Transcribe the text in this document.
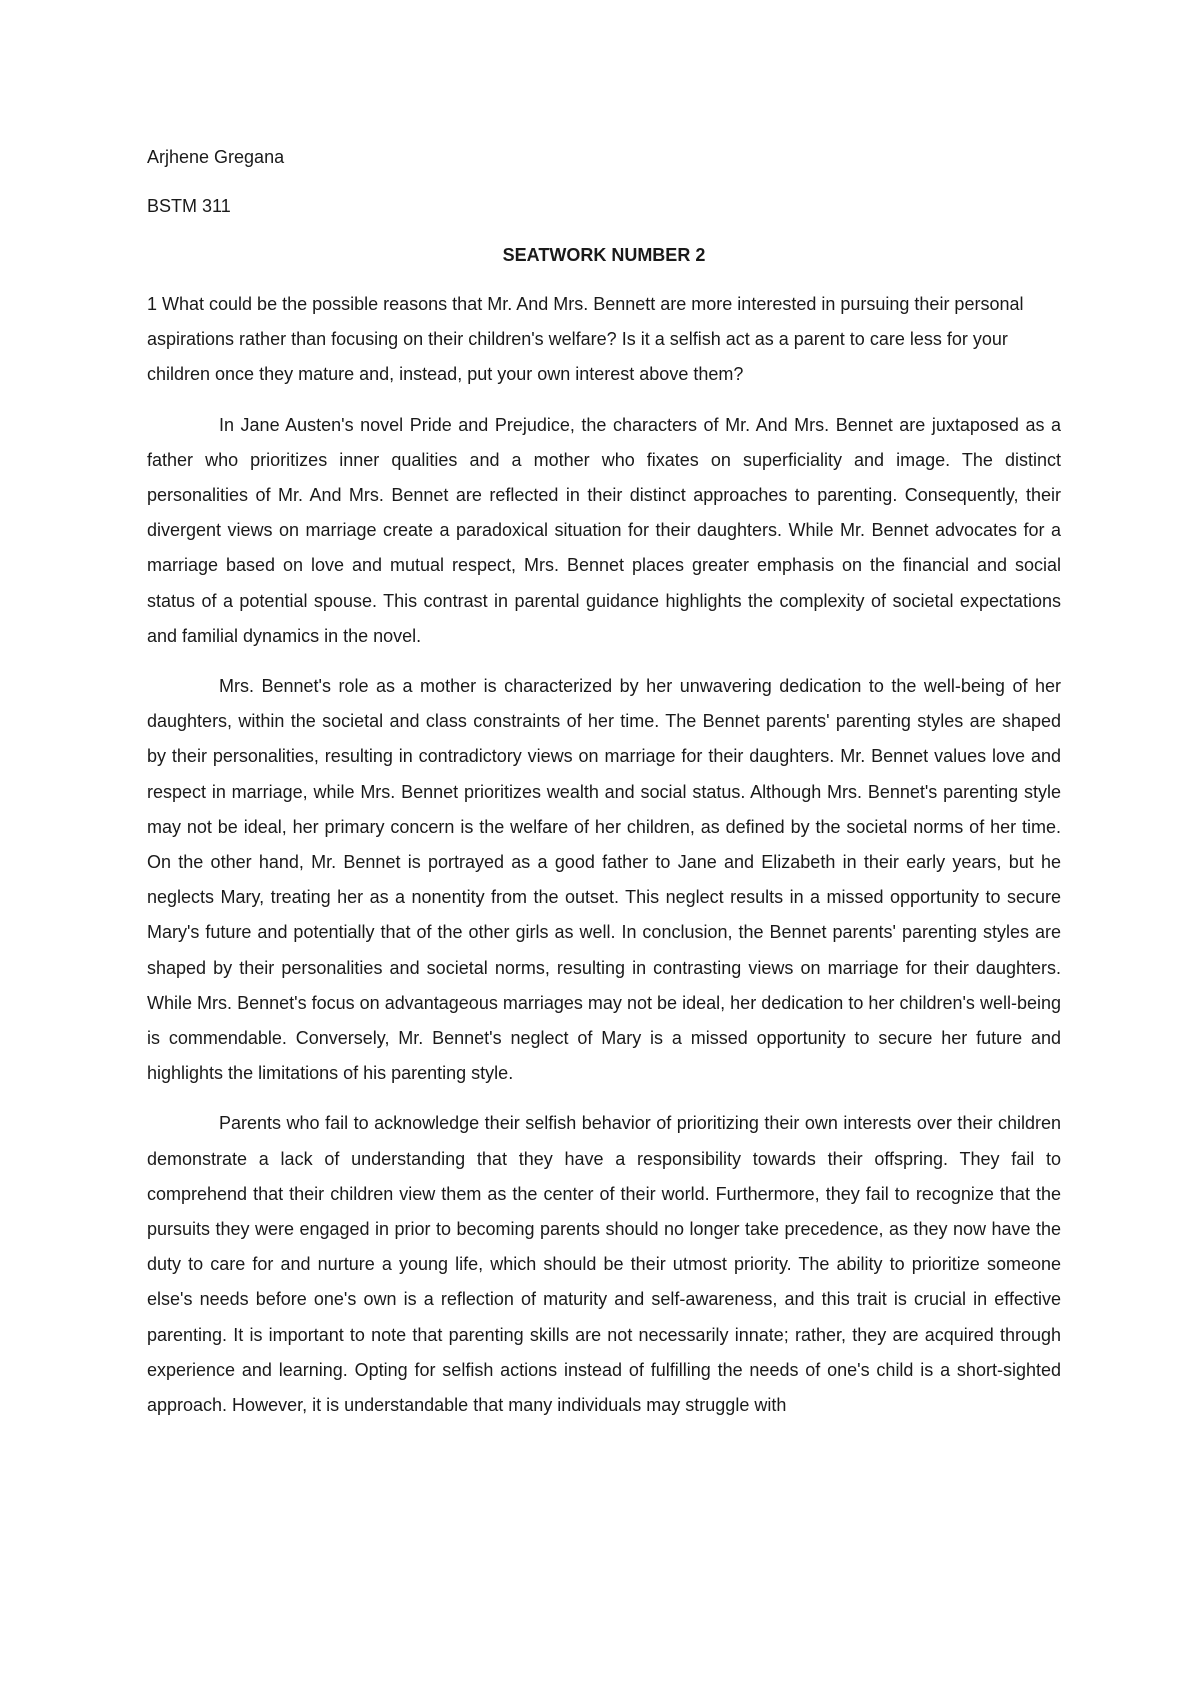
Arjhene Gregana

BSTM 311

SEATWORK NUMBER 2

1 What could be the possible reasons that Mr. And Mrs. Bennett are more interested in pursuing their personal aspirations rather than focusing on their children's welfare? Is it a selfish act as a parent to care less for your children once they mature and, instead, put your own interest above them?

In Jane Austen's novel Pride and Prejudice, the characters of Mr. And Mrs. Bennet are juxtaposed as a father who prioritizes inner qualities and a mother who fixates on superficiality and image. The distinct personalities of Mr. And Mrs. Bennet are reflected in their distinct approaches to parenting. Consequently, their divergent views on marriage create a paradoxical situation for their daughters. While Mr. Bennet advocates for a marriage based on love and mutual respect, Mrs. Bennet places greater emphasis on the financial and social status of a potential spouse. This contrast in parental guidance highlights the complexity of societal expectations and familial dynamics in the novel.

Mrs. Bennet's role as a mother is characterized by her unwavering dedication to the well-being of her daughters, within the societal and class constraints of her time. The Bennet parents' parenting styles are shaped by their personalities, resulting in contradictory views on marriage for their daughters. Mr. Bennet values love and respect in marriage, while Mrs. Bennet prioritizes wealth and social status. Although Mrs. Bennet's parenting style may not be ideal, her primary concern is the welfare of her children, as defined by the societal norms of her time. On the other hand, Mr. Bennet is portrayed as a good father to Jane and Elizabeth in their early years, but he neglects Mary, treating her as a nonentity from the outset. This neglect results in a missed opportunity to secure Mary's future and potentially that of the other girls as well. In conclusion, the Bennet parents' parenting styles are shaped by their personalities and societal norms, resulting in contrasting views on marriage for their daughters. While Mrs. Bennet's focus on advantageous marriages may not be ideal, her dedication to her children's well-being is commendable. Conversely, Mr. Bennet's neglect of Mary is a missed opportunity to secure her future and highlights the limitations of his parenting style.

Parents who fail to acknowledge their selfish behavior of prioritizing their own interests over their children demonstrate a lack of understanding that they have a responsibility towards their offspring. They fail to comprehend that their children view them as the center of their world. Furthermore, they fail to recognize that the pursuits they were engaged in prior to becoming parents should no longer take precedence, as they now have the duty to care for and nurture a young life, which should be their utmost priority. The ability to prioritize someone else's needs before one's own is a reflection of maturity and self-awareness, and this trait is crucial in effective parenting. It is important to note that parenting skills are not necessarily innate; rather, they are acquired through experience and learning. Opting for selfish actions instead of fulfilling the needs of one's child is a short-sighted approach. However, it is understandable that many individuals may struggle with
